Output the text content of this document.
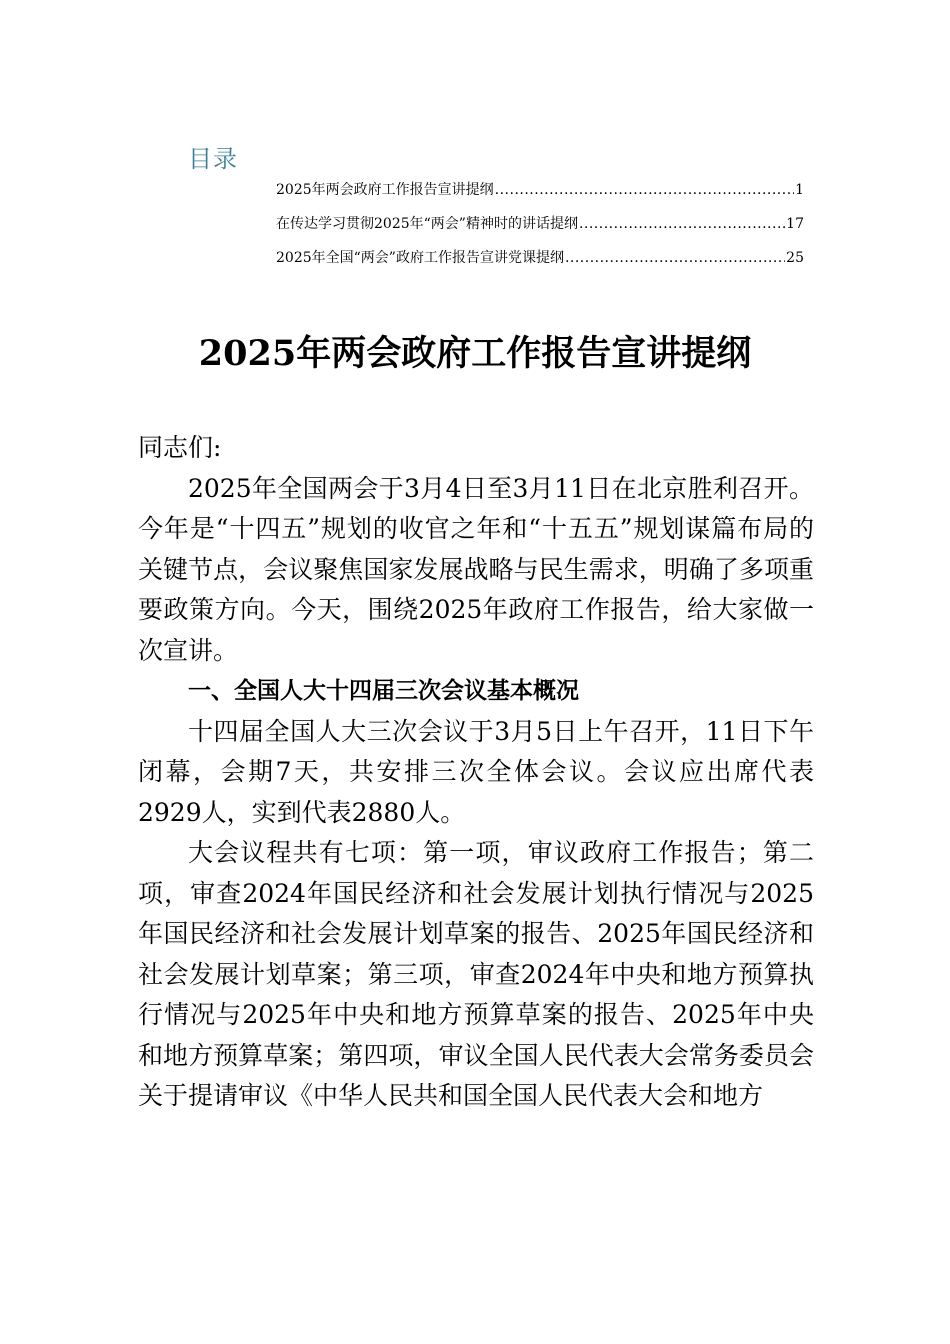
目录
2025年两会政府工作报告宣讲提纲 .....	1
在传达学习贯彻2025年“两会”精神时的讲话提纲 .....	17
2025年全国“两会”政府工作报告宣讲党课提纲 .....	25
2025年两会政府工作报告宣讲提纲

同志们:

2025年全国两会于3月4日至3月11日在北京胜利召开。今年是“十四五”规划的收官之年和“十五五”规划谋篇布局的关键节点，会议聚焦国家发展战略与民生需求，明确了多项重要政策方向。今天，围绕2025年政府工作报告，给大家做一次宣讲。

一、全国人大十四届三次会议基本概况

十四届全国人大三次会议于3月5日上午召开，11日下午闭幕，会期7天，共安排三次全体会议。会议应出席代表2929人，实到代表2880人。

大会议程共有七项：第一项，审议政府工作报告；第二项，审查2024年国民经济和社会发展计划执行情况与2025年国民经济和社会发展计划草案的报告、2025年国民经济和社会发展计划草案；第三项，审查2024年中央和地方预算执行情况与2025年中央和地方预算草案的报告、2025年中央和地方预算草案；第四项，审议全国人民代表大会常务委员会关于提请审议《中华人民共和国全国人民代表大会和地方
